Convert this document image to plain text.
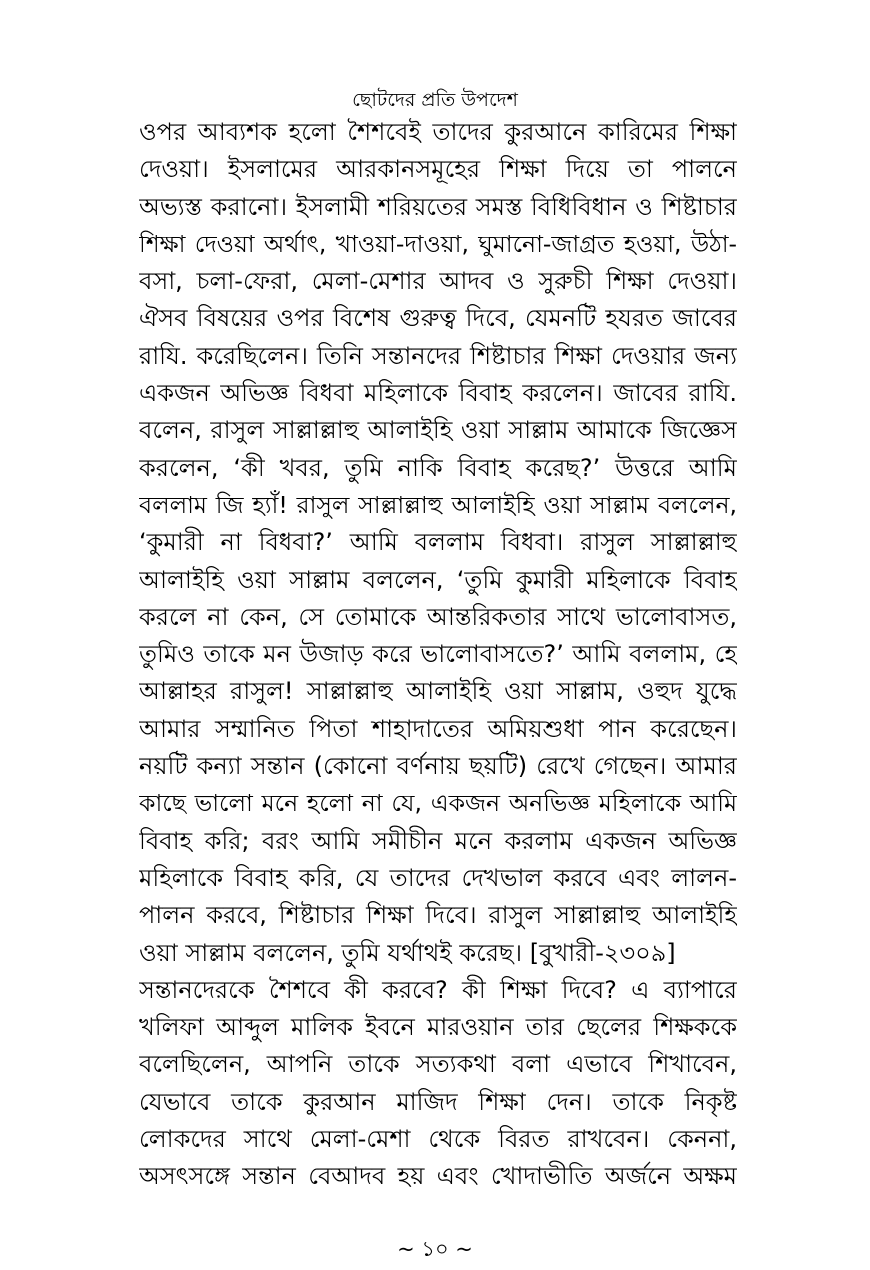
ছোটদের প্রতি উপদেশ
ওপর আব্যশক হলো শৈশবেই তাদের কুরআনে কারিমের শিক্ষা
দেওয়া। ইসলামের আরকানসমূহের শিক্ষা দিয়ে তা পালনে
অভ্যস্ত করানো। ইসলামী শরিয়তের সমস্ত বিধিবিধান ও শিষ্টাচার
শিক্ষা দেওয়া অর্থাৎ, খাওয়া-দাওয়া, ঘুমানো-জাগ্রত হওয়া, উঠা-
বসা, চলা-ফেরা, মেলা-মেশার আদব ও সুরুচী শিক্ষা দেওয়া।
ঐসব বিষয়ের ওপর বিশেষ গুরুত্ব দিবে, যেমনটি হযরত জাবের
রাযি. করেছিলেন। তিনি সন্তানদের শিষ্টাচার শিক্ষা দেওয়ার জন্য
একজন অভিজ্ঞ বিধবা মহিলাকে বিবাহ করলেন। জাবের রাযি.
বলেন, রাসুল সাল্লাল্লাহু আলাইহি ওয়া সাল্লাম আমাকে জিজ্ঞেস
করলেন, ‘কী খবর, তুমি নাকি বিবাহ করেছ?’ উত্তরে আমি
বললাম জি হ্যাঁ! রাসুল সাল্লাল্লাহু আলাইহি ওয়া সাল্লাম বললেন,
‘কুমারী না বিধবা?’ আমি বললাম বিধবা। রাসুল সাল্লাল্লাহু
আলাইহি ওয়া সাল্লাম বললেন, ‘তুমি কুমারী মহিলাকে বিবাহ
করলে না কেন, সে তোমাকে আন্তরিকতার সাথে ভালোবাসত,
তুমিও তাকে মন উজাড় করে ভালোবাসতে?’ আমি বললাম, হে
আল্লাহর রাসুল! সাল্লাল্লাহু আলাইহি ওয়া সাল্লাম, ওহুদ যুদ্ধে
আমার সম্মানিত পিতা শাহাদাতের অমিয়শুধা পান করেছেন।
নয়টি কন্যা সন্তান (কোনো বর্ণনায় ছয়টি) রেখে গেছেন। আমার
কাছে ভালো মনে হলো না যে, একজন অনভিজ্ঞ মহিলাকে আমি
বিবাহ করি; বরং আমি সমীচীন মনে করলাম একজন অভিজ্ঞ
মহিলাকে বিবাহ করি, যে তাদের দেখভাল করবে এবং লালন-
পালন করবে, শিষ্টাচার শিক্ষা দিবে। রাসুল সাল্লাল্লাহু আলাইহি
ওয়া সাল্লাম বললেন, তুমি যর্থাথই করেছ। [বুখারী-২৩০৯]
সন্তানদেরকে শৈশবে কী করবে? কী শিক্ষা দিবে? এ ব্যাপারে
খলিফা আব্দুল মালিক ইবনে মারওয়ান তার ছেলের শিক্ষককে
বলেছিলেন, আপনি তাকে সত্যকথা বলা এভাবে শিখাবেন,
যেভাবে তাকে কুরআন মাজিদ শিক্ষা দেন। তাকে নিকৃষ্ট
লোকদের সাথে মেলা-মেশা থেকে বিরত রাখবেন। কেননা,
অসৎসঙ্গে সন্তান বেআদব হয় এবং খোদাভীতি অর্জনে অক্ষম
~ ১০ ~
